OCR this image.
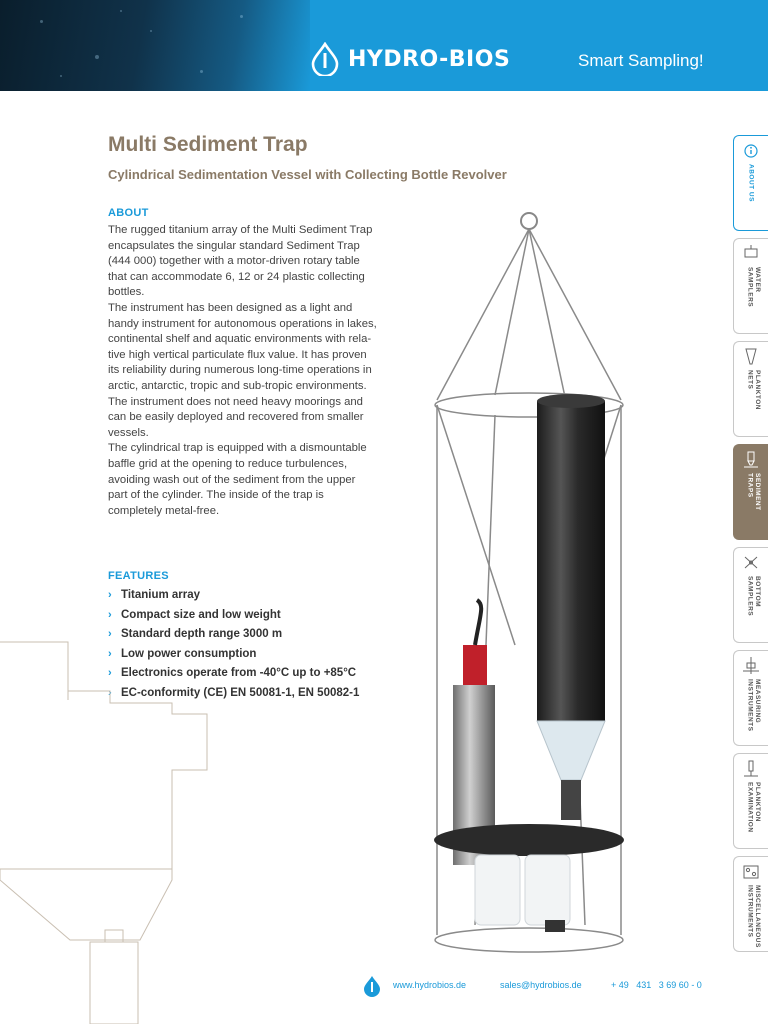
HYDRO-BIOS	Smart Sampling!
Multi Sediment Trap
Cylindrical Sedimentation Vessel with Collecting Bottle Revolver
ABOUT

The rugged titanium array of the Multi Sediment Trap encapsulates the singular standard Sediment Trap (444 000) together with a motor-driven rotary table that can accommodate 6, 12 or 24 plastic collecting bottles.

The instrument has been designed as a light and handy instrument for autonomous operations in lakes, continental shelf and aquatic environments with rela-tive high vertical particulate flux value. It has proven its reliability during numerous long-time operations in arctic, antarctic, tropic and sub-tropic environments. The instrument does not need heavy moorings and can be easily deployed and recovered from smaller vessels.

The cylindrical trap is equipped with a dismountable baffle grid at the opening to reduce turbulences, avoiding wash out of the sediment from the upper part of the cylinder. The inside of the trap is completely metal-free.

FEATURES
› Titanium array
› Compact size and low weight
› Standard depth range 3000 m
› Low power consumption
› Electronics operate from -40°C up to +85°C
› EC-conformity (CE) EN 50081-1, EN 50082-1
ABOUT US
WATER
SAMPLERS
PLANKTON
NETS
SEDIMENT
TRAPS
BOTTOM
SAMPLERS
MEASURING
INSTRUMENTS
PLANKTON
EXAMINATION
MISCELLANEOUS
INSTRUMENTS
www.hydrobios.de	sales@hydrobios.de	+ 49   431   3 69 60 - 0
